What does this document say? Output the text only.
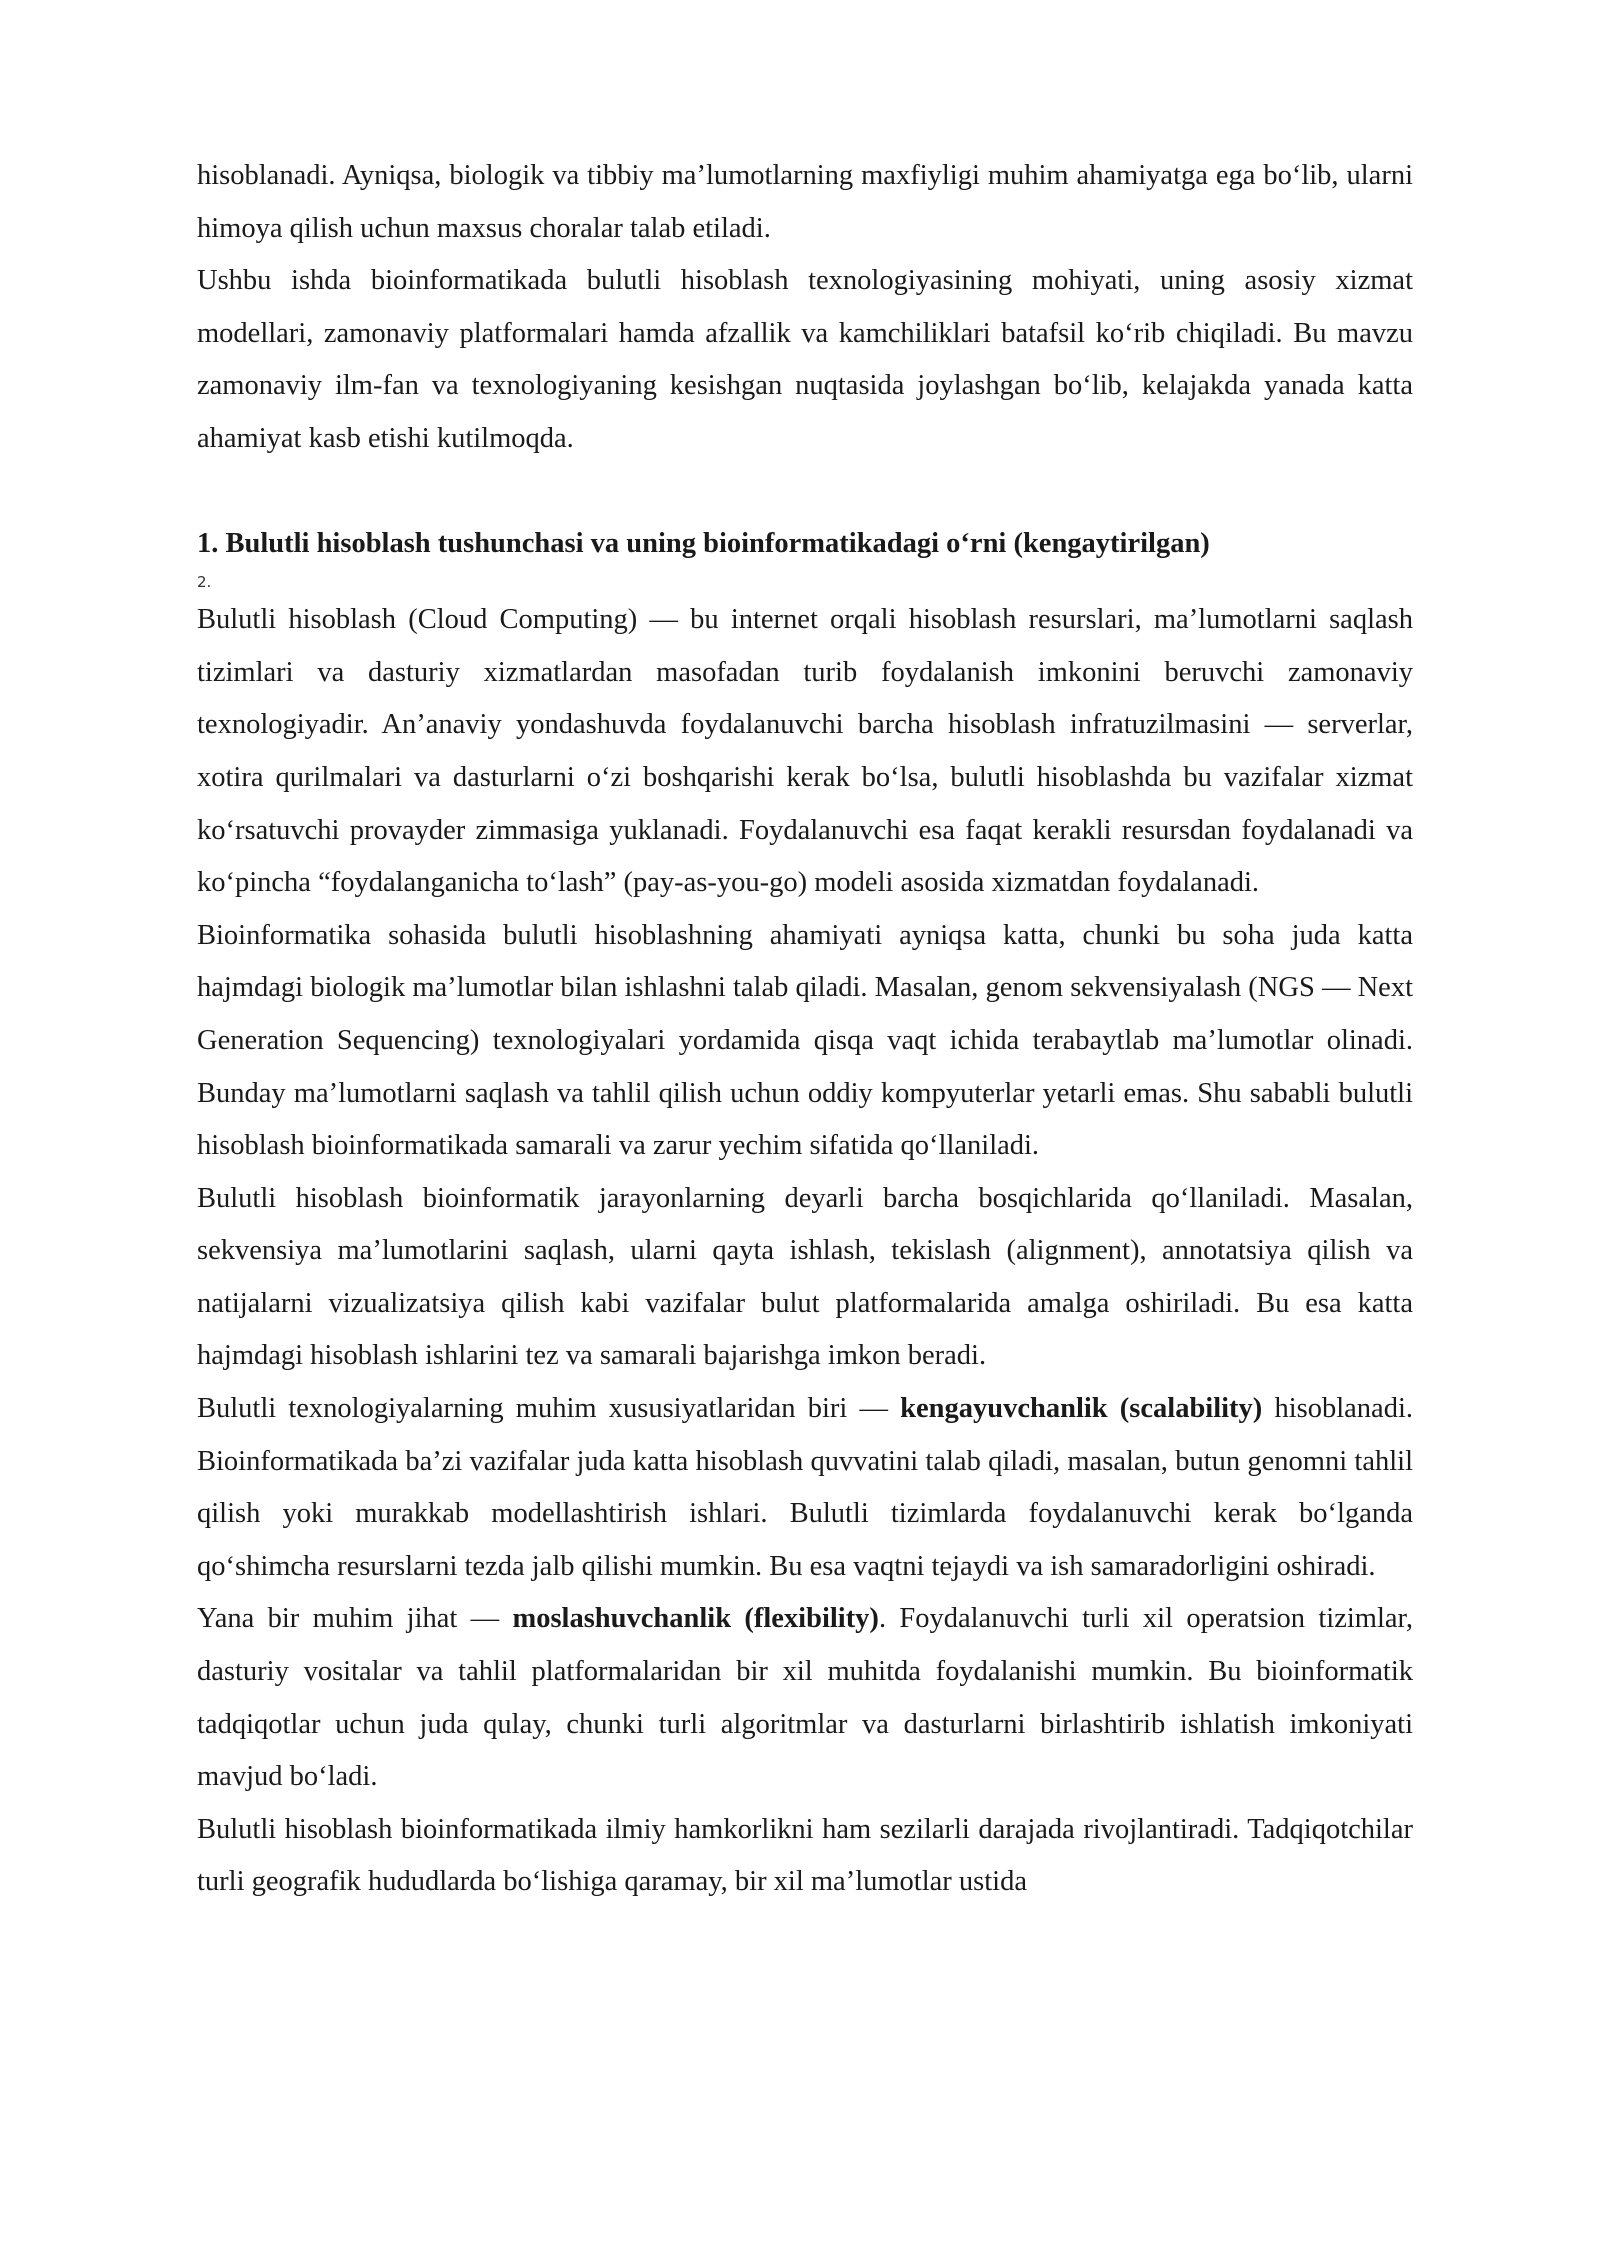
hisoblanadi. Ayniqsa, biologik va tibbiy ma’lumotlarning maxfiyligi muhim ahamiyatga ega bo‘lib, ularni himoya qilish uchun maxsus choralar talab etiladi.

Ushbu ishda bioinformatikada bulutli hisoblash texnologiyasining mohiyati, uning asosiy xizmat modellari, zamonaviy platformalari hamda afzallik va kamchiliklari batafsil ko‘rib chiqiladi. Bu mavzu zamonaviy ilm-fan va texnologiyaning kesishgan nuqtasida joylashgan bo‘lib, kelajakda yanada katta ahamiyat kasb etishi kutilmoqda.

1. Bulutli hisoblash tushunchasi va uning bioinformatikadagi o‘rni (kengaytirilgan)

2.

Bulutli hisoblash (Cloud Computing) — bu internet orqali hisoblash resurslari, ma’lumotlarni saqlash tizimlari va dasturiy xizmatlardan masofadan turib foydalanish imkonini beruvchi zamonaviy texnologiyadir. An’anaviy yondashuvda foydalanuvchi barcha hisoblash infratuzilmasini — serverlar, xotira qurilmalari va dasturlarni o‘zi boshqarishi kerak bo‘lsa, bulutli hisoblashda bu vazifalar xizmat ko‘rsatuvchi provayder zimmasiga yuklanadi. Foydalanuvchi esa faqat kerakli resursdan foydalanadi va ko‘pincha “foydalanganicha to‘lash” (pay-as-you-go) modeli asosida xizmatdan foydalanadi.

Bioinformatika sohasida bulutli hisoblashning ahamiyati ayniqsa katta, chunki bu soha juda katta hajmdagi biologik ma’lumotlar bilan ishlashni talab qiladi. Masalan, genom sekvensiyalash (NGS — Next Generation Sequencing) texnologiyalari yordamida qisqa vaqt ichida terabaytlab ma’lumotlar olinadi. Bunday ma’lumotlarni saqlash va tahlil qilish uchun oddiy kompyuterlar yetarli emas. Shu sababli bulutli hisoblash bioinformatikada samarali va zarur yechim sifatida qo‘llaniladi.

Bulutli hisoblash bioinformatik jarayonlarning deyarli barcha bosqichlarida qo‘llaniladi. Masalan, sekvensiya ma’lumotlarini saqlash, ularni qayta ishlash, tekislash (alignment), annotatsiya qilish va natijalarni vizualizatsiya qilish kabi vazifalar bulut platformalarida amalga oshiriladi. Bu esa katta hajmdagi hisoblash ishlarini tez va samarali bajarishga imkon beradi.

Bulutli texnologiyalarning muhim xususiyatlaridan biri — kengayuvchanlik (scalability) hisoblanadi. Bioinformatikada ba’zi vazifalar juda katta hisoblash quvvatini talab qiladi, masalan, butun genomni tahlil qilish yoki murakkab modellashtirish ishlari. Bulutli tizimlarda foydalanuvchi kerak bo‘lganda qo‘shimcha resurslarni tezda jalb qilishi mumkin. Bu esa vaqtni tejaydi va ish samaradorligini oshiradi.

Yana bir muhim jihat — moslashuvchanlik (flexibility). Foydalanuvchi turli xil operatsion tizimlar, dasturiy vositalar va tahlil platformalaridan bir xil muhitda foydalanishi mumkin. Bu bioinformatik tadqiqotlar uchun juda qulay, chunki turli algoritmlar va dasturlarni birlashtirib ishlatish imkoniyati mavjud bo‘ladi.

Bulutli hisoblash bioinformatikada ilmiy hamkorlikni ham sezilarli darajada rivojlantiradi. Tadqiqotchilar turli geografik hududlarda bo‘lishiga qaramay, bir xil ma’lumotlar ustida
